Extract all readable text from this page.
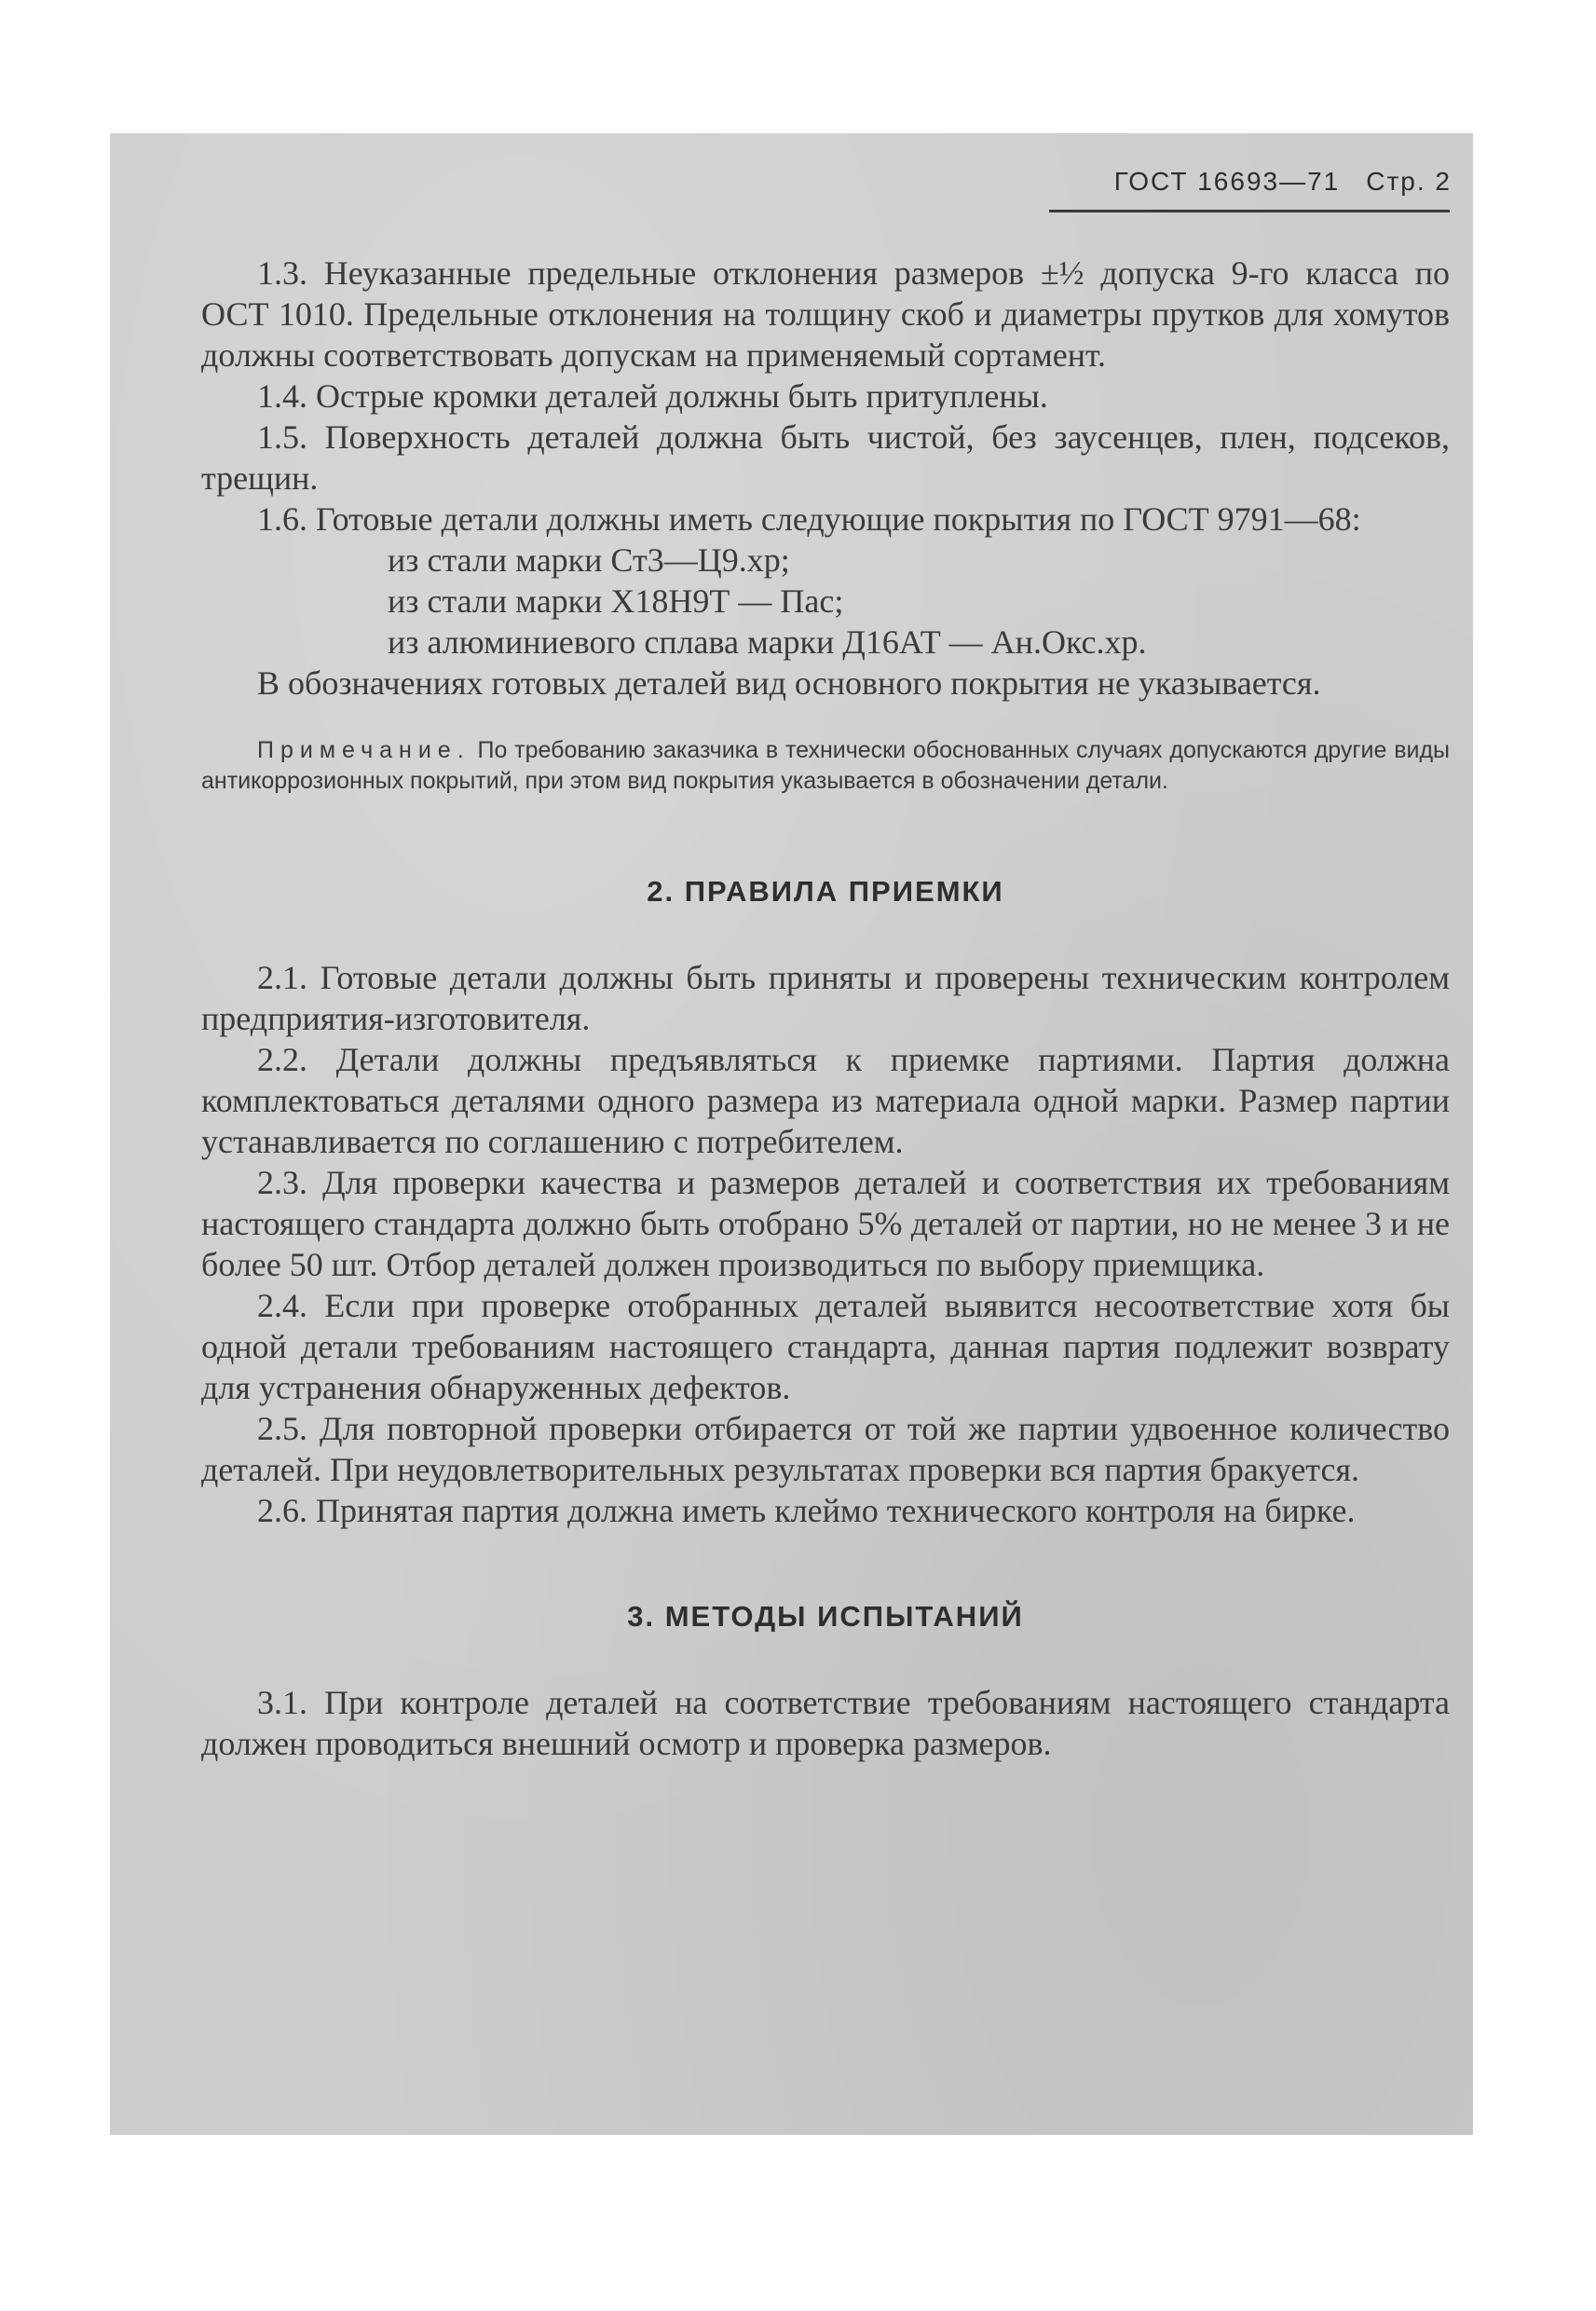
ГОСТ 16693—71 Стр. 2

1.3. Неуказанные предельные отклонения размеров ±½ допуска 9-го класса по ОСТ 1010. Предельные отклонения на толщину скоб и диаметры прутков для хомутов должны соответствовать допускам на применяемый сортамент.

1.4. Острые кромки деталей должны быть притуплены.

1.5. Поверхность деталей должна быть чистой, без заусенцев, плен, подсеков, трещин.

1.6. Готовые детали должны иметь следующие покрытия по ГОСТ 9791—68:

из стали марки Ст3—Ц9.хр;

из стали марки Х18Н9Т — Пас;

из алюминиевого сплава марки Д16АТ — Ан.Окс.хр.

В обозначениях готовых деталей вид основного покрытия не указывается.

Примечание. По требованию заказчика в технически обоснованных случаях допускаются другие виды антикоррозионных покрытий, при этом вид покрытия указывается в обозначении детали.

2. ПРАВИЛА ПРИЕМКИ

2.1. Готовые детали должны быть приняты и проверены техническим контролем предприятия-изготовителя.

2.2. Детали должны предъявляться к приемке партиями. Партия должна комплектоваться деталями одного размера из материала одной марки. Размер партии устанавливается по соглашению с потребителем.

2.3. Для проверки качества и размеров деталей и соответствия их требованиям настоящего стандарта должно быть отобрано 5% деталей от партии, но не менее 3 и не более 50 шт. Отбор деталей должен производиться по выбору приемщика.

2.4. Если при проверке отобранных деталей выявится несоответствие хотя бы одной детали требованиям настоящего стандарта, данная партия подлежит возврату для устранения обнаруженных дефектов.

2.5. Для повторной проверки отбирается от той же партии удвоенное количество деталей. При неудовлетворительных результатах проверки вся партия бракуется.

2.6. Принятая партия должна иметь клеймо технического контроля на бирке.

3. МЕТОДЫ ИСПЫТАНИЙ

3.1. При контроле деталей на соответствие требованиям настоящего стандарта должен проводиться внешний осмотр и проверка размеров.
